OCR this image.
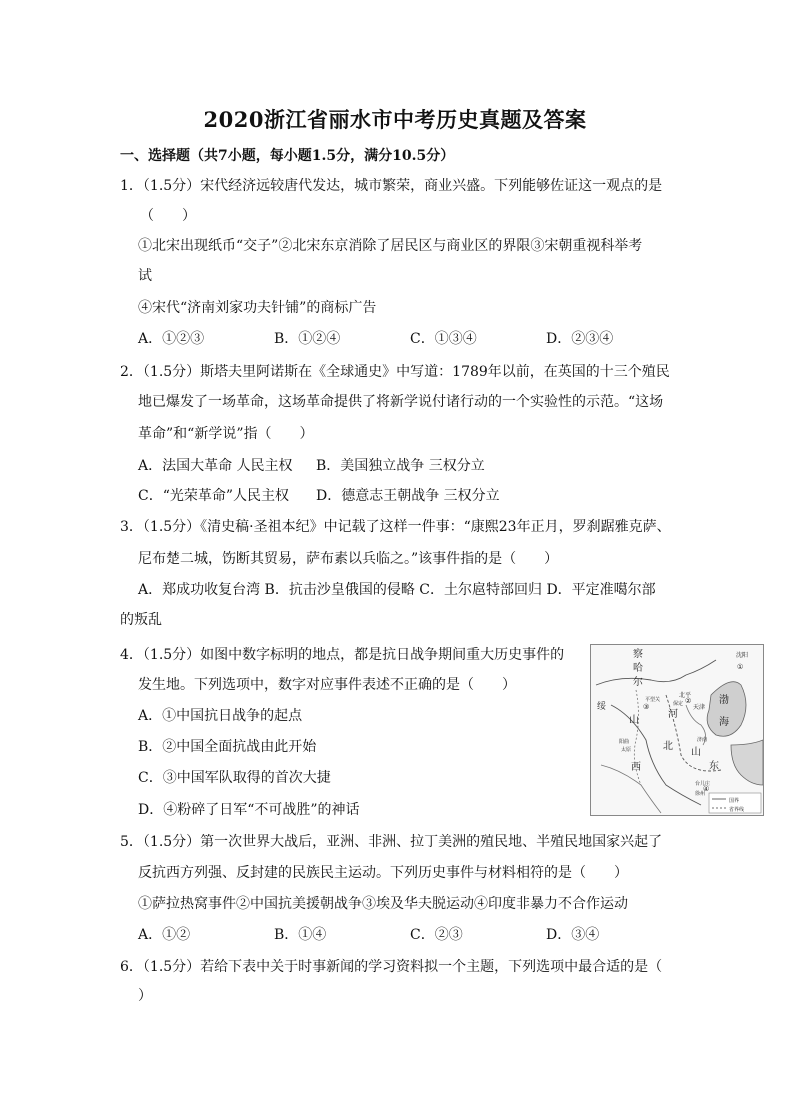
2020浙江省丽水市中考历史真题及答案
一、选择题（共7小题，每小题1.5分，满分10.5分）
1．（1.5分）宋代经济远较唐代发达，城市繁荣，商业兴盛。下列能够佐证这一观点的是
（　　）
①北宋出现纸币“交子”②北宋东京消除了居民区与商业区的界限③宋朝重视科举考
试
④宋代“济南刘家功夫针铺”的商标广告
A．①②③	B．①②④	C．①③④	D．②③④
2．（1.5分）斯塔夫里阿诺斯在《全球通史》中写道：1789年以前，在英国的十三个殖民
地已爆发了一场革命，这场革命提供了将新学说付诸行动的一个实验性的示范。“这场
革命”和“新学说”指（　　）
A．法国大革命 人民主权 B．美国独立战争 三权分立
C．“光荣革命”人民主权 D．德意志王朝战争 三权分立
3．（1.5分）《清史稿·圣祖本纪》中记载了这样一件事：“康熙23年正月，罗刹踞雅克萨、
尼布楚二城，饬断其贸易，萨布素以兵临之。”该事件指的是（　　）
A．郑成功收复台湾 B．抗击沙皇俄国的侵略 C．土尔扈特部回归 D．平定准噶尔部
的叛乱
4．（1.5分）如图中数字标明的地点，都是抗日战争期间重大历史事件的
发生地。下列选项中，数字对应事件表述不正确的是（　　）
A．①中国抗日战争的起点
B．②中国全面抗战由此开始
C．③中国军队取得的首次大捷
D．④粉碎了日军“不可战胜”的神话
察
哈
尔
沈阳
北平
天津
平型关
保定
河
渤
海
绥
山
阳曲
太原	北
西
山
东
济南
台儿庄
徐州
国界
省界线
①
②
③
④
5．（1.5分）第一次世界大战后，亚洲、非洲、拉丁美洲的殖民地、半殖民地国家兴起了
反抗西方列强、反封建的民族民主运动。下列历史事件与材料相符的是（　　）
①萨拉热窝事件②中国抗美援朝战争③埃及华夫脱运动④印度非暴力不合作运动
A．①②	B．①④	C．②③	D．③④
6．（1.5分）若给下表中关于时事新闻的学习资料拟一个主题，下列选项中最合适的是（
）
